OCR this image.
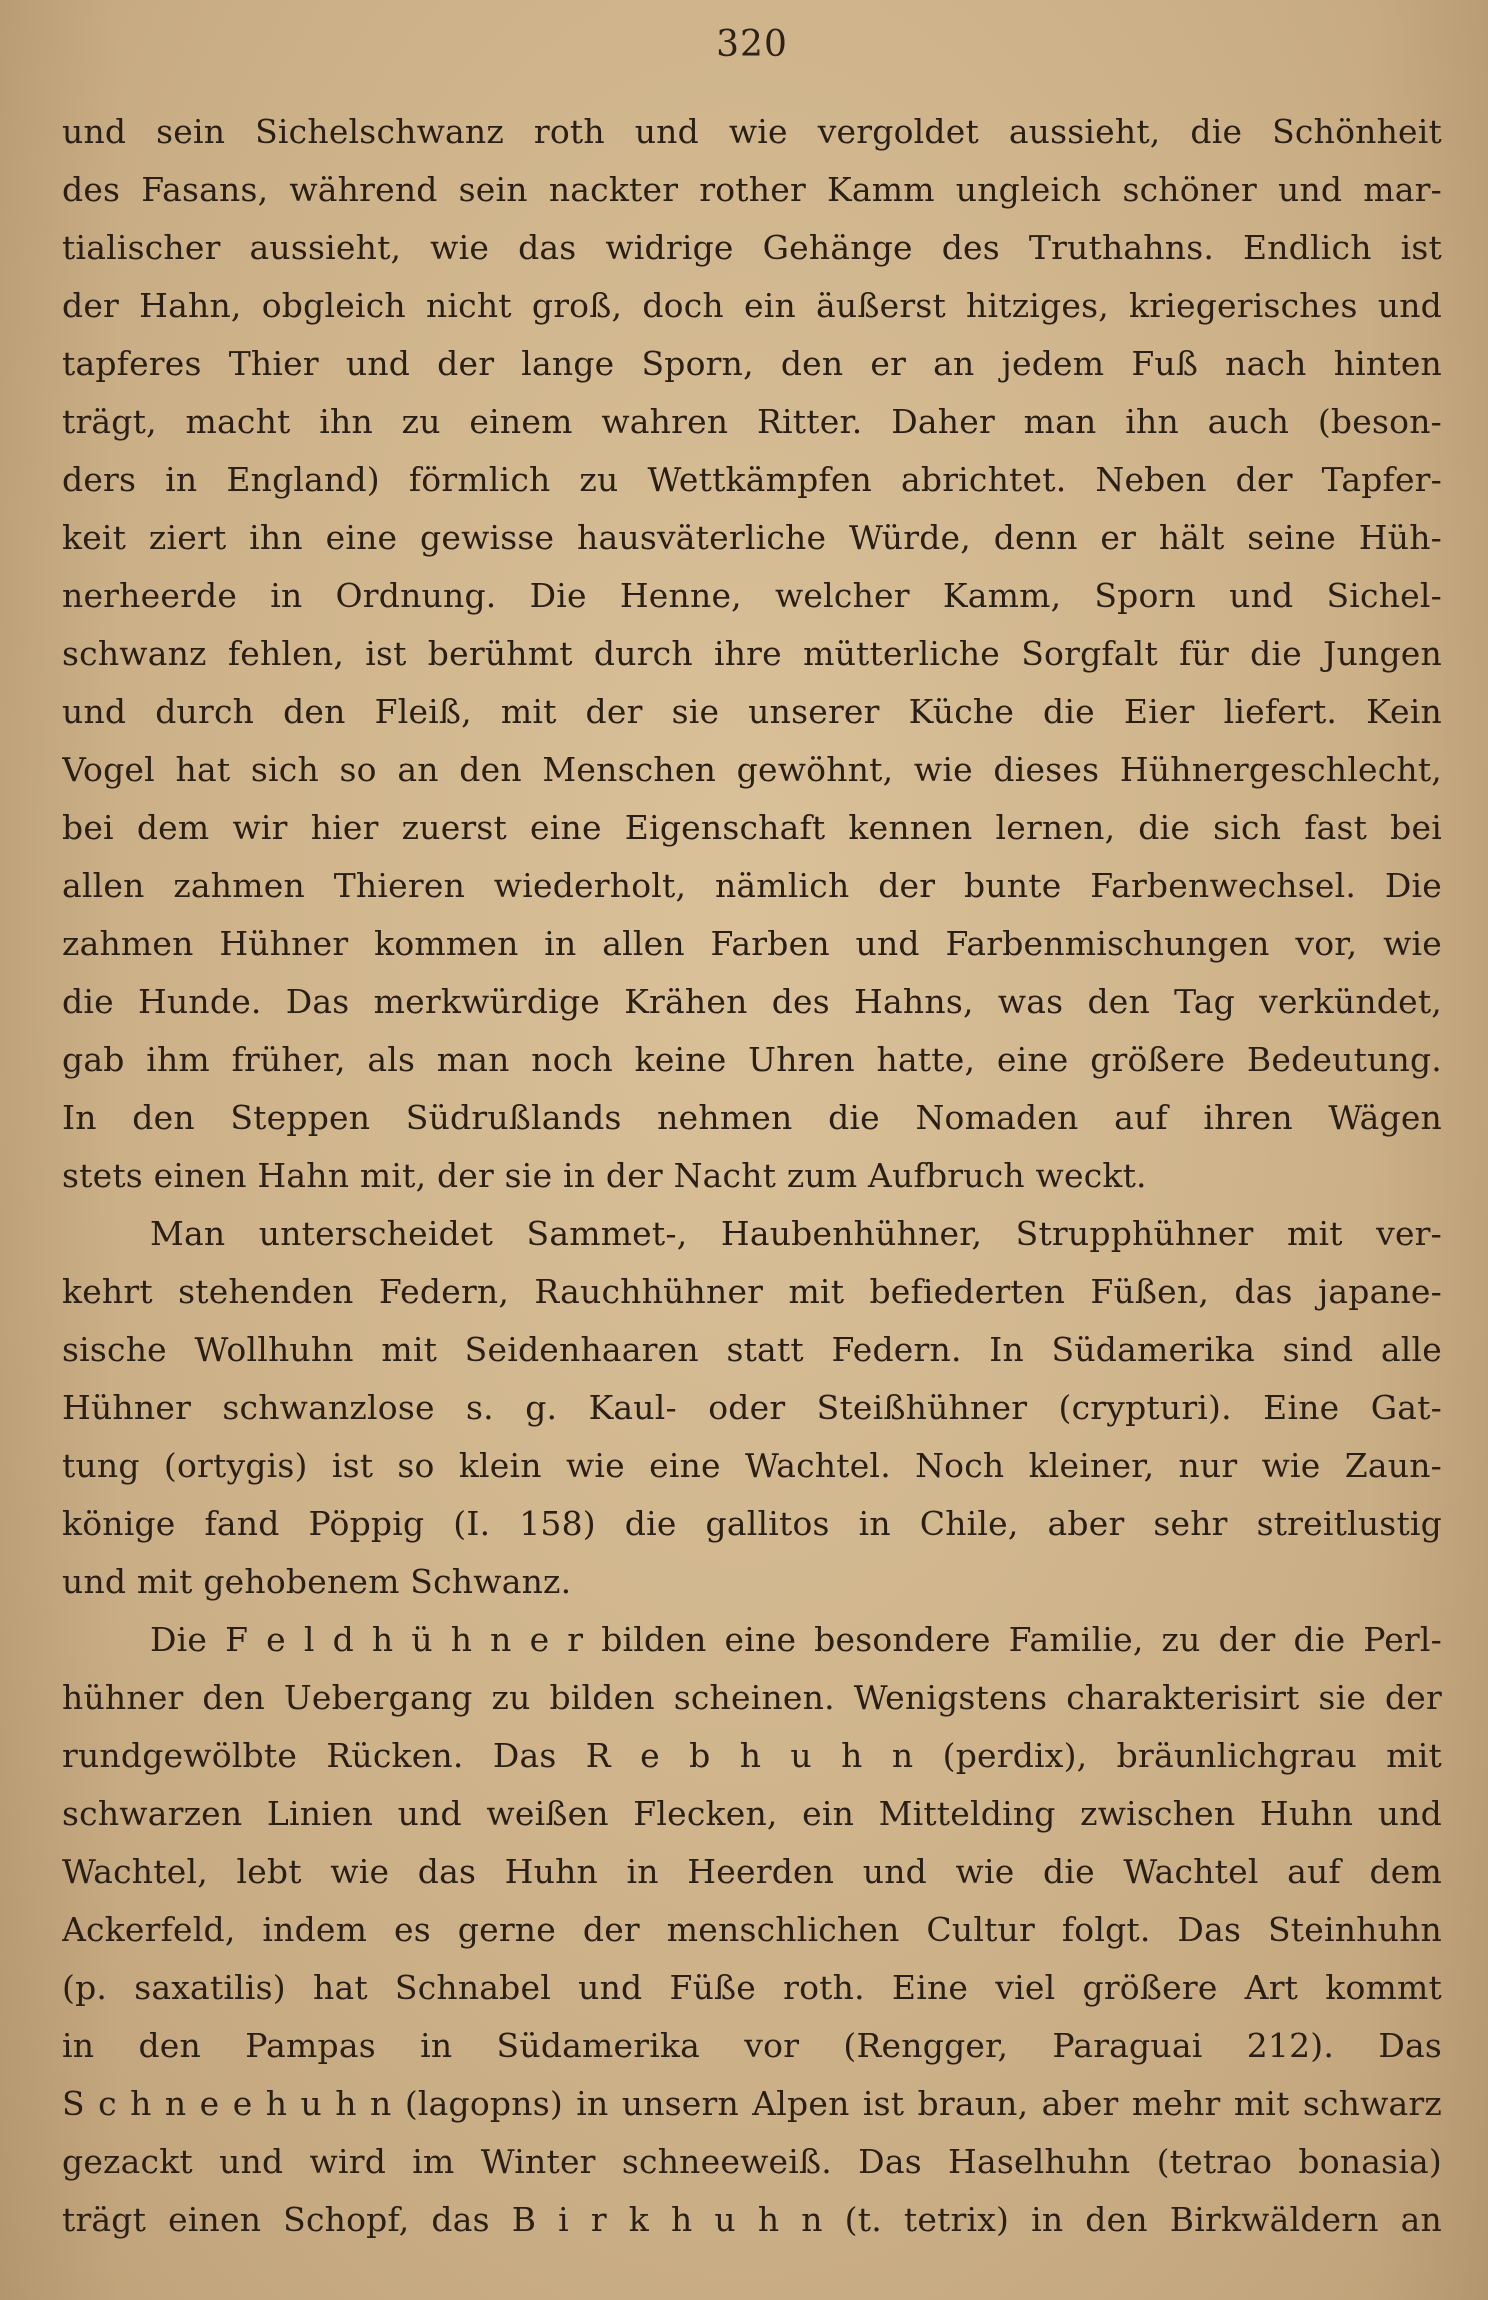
320
und sein Sichelschwanz roth und wie vergoldet aussieht, die Schönheit
des Fasans, während sein nackter rother Kamm ungleich schöner und mar-
tialischer aussieht, wie das widrige Gehänge des Truthahns. Endlich ist
der Hahn, obgleich nicht groß, doch ein äußerst hitziges, kriegerisches und
tapferes Thier und der lange Sporn, den er an jedem Fuß nach hinten
trägt, macht ihn zu einem wahren Ritter. Daher man ihn auch (beson-
ders in England) förmlich zu Wettkämpfen abrichtet. Neben der Tapfer-
keit ziert ihn eine gewisse hausväterliche Würde, denn er hält seine Hüh-
nerheerde in Ordnung. Die Henne, welcher Kamm, Sporn und Sichel-
schwanz fehlen, ist berühmt durch ihre mütterliche Sorgfalt für die Jungen
und durch den Fleiß, mit der sie unserer Küche die Eier liefert. Kein
Vogel hat sich so an den Menschen gewöhnt, wie dieses Hühnergeschlecht,
bei dem wir hier zuerst eine Eigenschaft kennen lernen, die sich fast bei
allen zahmen Thieren wiederholt, nämlich der bunte Farbenwechsel. Die
zahmen Hühner kommen in allen Farben und Farbenmischungen vor, wie
die Hunde. Das merkwürdige Krähen des Hahns, was den Tag verkündet,
gab ihm früher, als man noch keine Uhren hatte, eine größere Bedeutung.
In den Steppen Südrußlands nehmen die Nomaden auf ihren Wägen
stets einen Hahn mit, der sie in der Nacht zum Aufbruch weckt.
Man unterscheidet Sammet-, Haubenhühner, Strupphühner mit ver-
kehrt stehenden Federn, Rauchhühner mit befiederten Füßen, das japane-
sische Wollhuhn mit Seidenhaaren statt Federn. In Südamerika sind alle
Hühner schwanzlose s. g. Kaul- oder Steißhühner (crypturi). Eine Gat-
tung (ortygis) ist so klein wie eine Wachtel. Noch kleiner, nur wie Zaun-
könige fand Pöppig (I. 158) die gallitos in Chile, aber sehr streitlustig
und mit gehobenem Schwanz.
Die F e l d h ü h n e r bilden eine besondere Familie, zu der die Perl-
hühner den Uebergang zu bilden scheinen. Wenigstens charakterisirt sie der
rundgewölbte Rücken. Das R e b h u h n (perdix), bräunlichgrau mit
schwarzen Linien und weißen Flecken, ein Mittelding zwischen Huhn und
Wachtel, lebt wie das Huhn in Heerden und wie die Wachtel auf dem
Ackerfeld, indem es gerne der menschlichen Cultur folgt. Das Steinhuhn
(p. saxatilis) hat Schnabel und Füße roth. Eine viel größere Art kommt
in den Pampas in Südamerika vor (Rengger, Paraguai 212). Das
S c h n e e h u h n (lagopns) in unsern Alpen ist braun, aber mehr mit schwarz
gezackt und wird im Winter schneeweiß. Das Haselhuhn (tetrao bonasia)
trägt einen Schopf, das B i r k h u h n (t. tetrix) in den Birkwäldern an
